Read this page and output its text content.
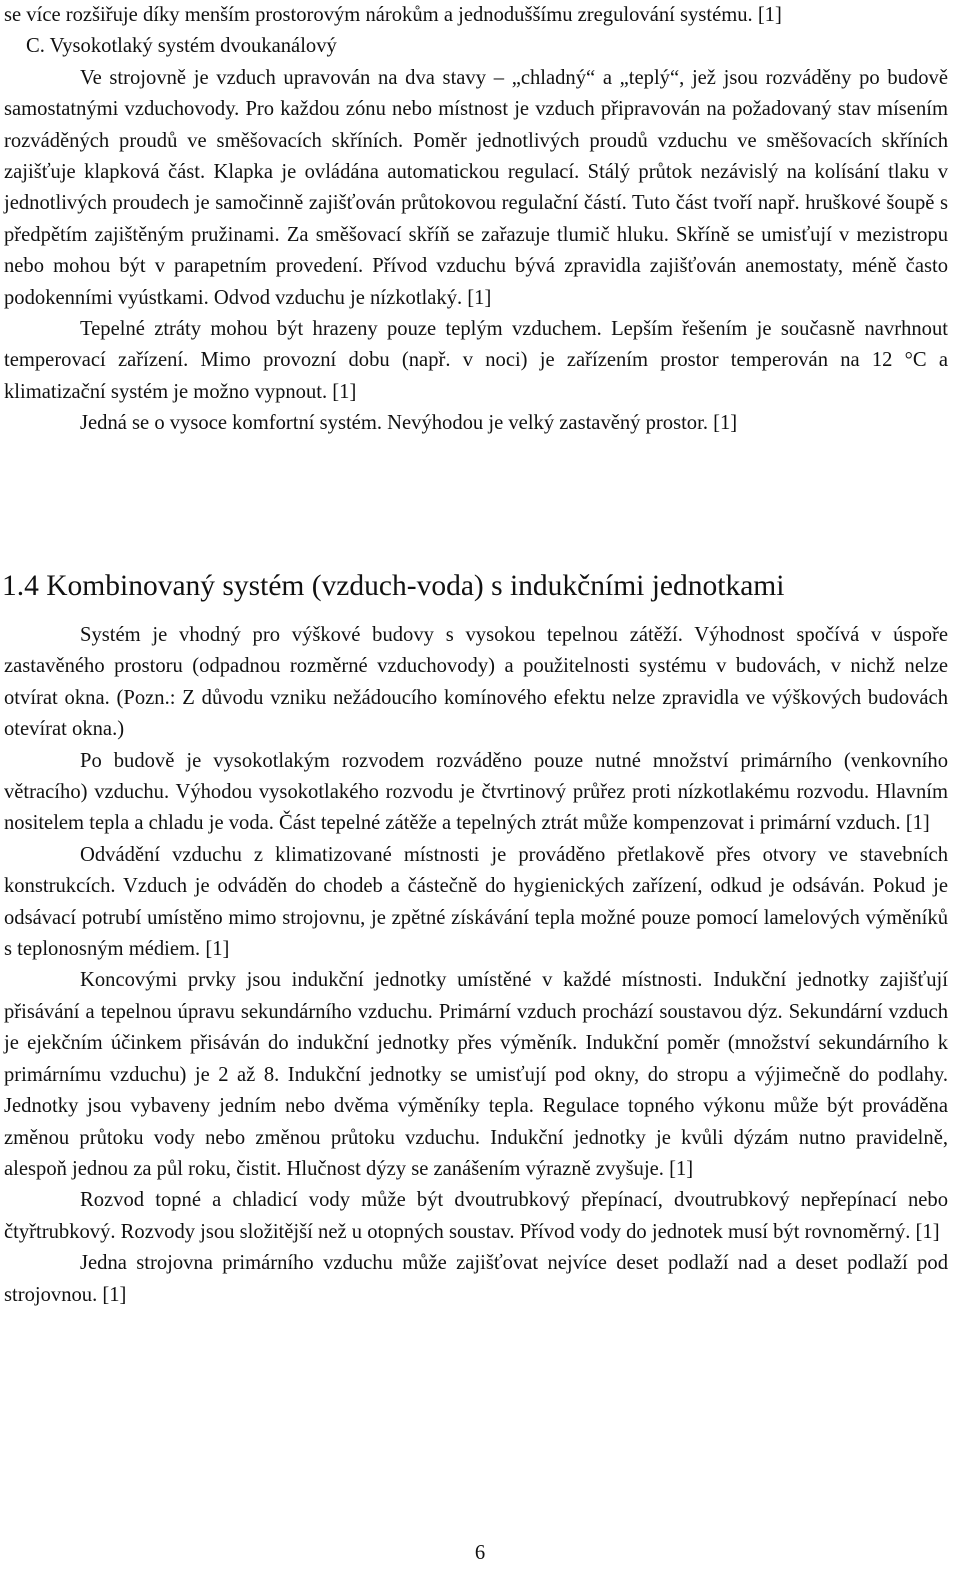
se více rozšiřuje díky menším prostorovým nárokům a jednoduššímu zregulování systému. [1]

C. Vysokotlaký systém dvoukanálový

Ve strojovně je vzduch upravován na dva stavy – „chladný“ a „teplý“, jež jsou rozváděny po budově samostatnými vzduchovody. Pro každou zónu nebo místnost je vzduch připravován na požadovaný stav mísením rozváděných proudů ve směšovacích skříních. Poměr jednotlivých proudů vzduchu ve směšovacích skříních zajišťuje klapková část. Klapka je ovládána automatickou regulací. Stálý průtok nezávislý na kolísání tlaku v jednotlivých proudech je samočinně zajišťován průtokovou regulační částí. Tuto část tvoří např. hruškové šoupě s předpětím zajištěným pružinami. Za směšovací skříň se zařazuje tlumič hluku. Skříně se umisťují v mezistropu nebo mohou být v parapetním provedení. Přívod vzduchu bývá zpravidla zajišťován anemostaty, méně často podokenními vyústkami. Odvod vzduchu je nízkotlaký. [1]

Tepelné ztráty mohou být hrazeny pouze teplým vzduchem. Lepším řešením je současně navrhnout temperovací zařízení. Mimo provozní dobu (např. v noci) je zařízením prostor temperován na 12 °C a klimatizační systém je možno vypnout. [1]

Jedná se o vysoce komfortní systém. Nevýhodou je velký zastavěný prostor. [1]

1.4 Kombinovaný systém (vzduch-voda) s indukčními jednotkami

Systém je vhodný pro výškové budovy s vysokou tepelnou zátěží. Výhodnost spočívá v úspoře zastavěného prostoru (odpadnou rozměrné vzduchovody) a použitelnosti systému v budovách, v nichž nelze otvírat okna. (Pozn.: Z důvodu vzniku nežádoucího komínového efektu nelze zpravidla ve výškových budovách otevírat okna.)

Po budově je vysokotlakým rozvodem rozváděno pouze nutné množství primárního (venkovního větracího) vzduchu. Výhodou vysokotlakého rozvodu je čtvrtinový průřez proti nízkotlakému rozvodu. Hlavním nositelem tepla a chladu je voda. Část tepelné zátěže a tepelných ztrát může kompenzovat i primární vzduch. [1]

Odvádění vzduchu z klimatizované místnosti je prováděno přetlakově přes otvory ve stavebních konstrukcích. Vzduch je odváděn do chodeb a částečně do hygienických zařízení, odkud je odsáván. Pokud je odsávací potrubí umístěno mimo strojovnu, je zpětné získávání tepla možné pouze pomocí lamelových výměníků s teplonosným médiem. [1]

Koncovými prvky jsou indukční jednotky umístěné v každé místnosti. Indukční jednotky zajišťují přisávání a tepelnou úpravu sekundárního vzduchu. Primární vzduch prochází soustavou dýz. Sekundární vzduch je ejekčním účinkem přisáván do indukční jednotky přes výměník. Indukční poměr (množství sekundárního k primárnímu vzduchu) je 2 až 8. Indukční jednotky se umisťují pod okny, do stropu a výjimečně do podlahy. Jednotky jsou vybaveny jedním nebo dvěma výměníky tepla. Regulace topného výkonu může být prováděna změnou průtoku vody nebo změnou průtoku vzduchu. Indukční jednotky je kvůli dýzám nutno pravidelně, alespoň jednou za půl roku, čistit. Hlučnost dýzy se zanášením výrazně zvyšuje. [1]

Rozvod topné a chladicí vody může být dvoutrubkový přepínací, dvoutrubkový nepřepínací nebo čtyřtrubkový. Rozvody jsou složitější než u otopných soustav. Přívod vody do jednotek musí být rovnoměrný. [1]

Jedna strojovna primárního vzduchu může zajišťovat nejvíce deset podlaží nad a deset podlaží pod strojovnou. [1]

6
